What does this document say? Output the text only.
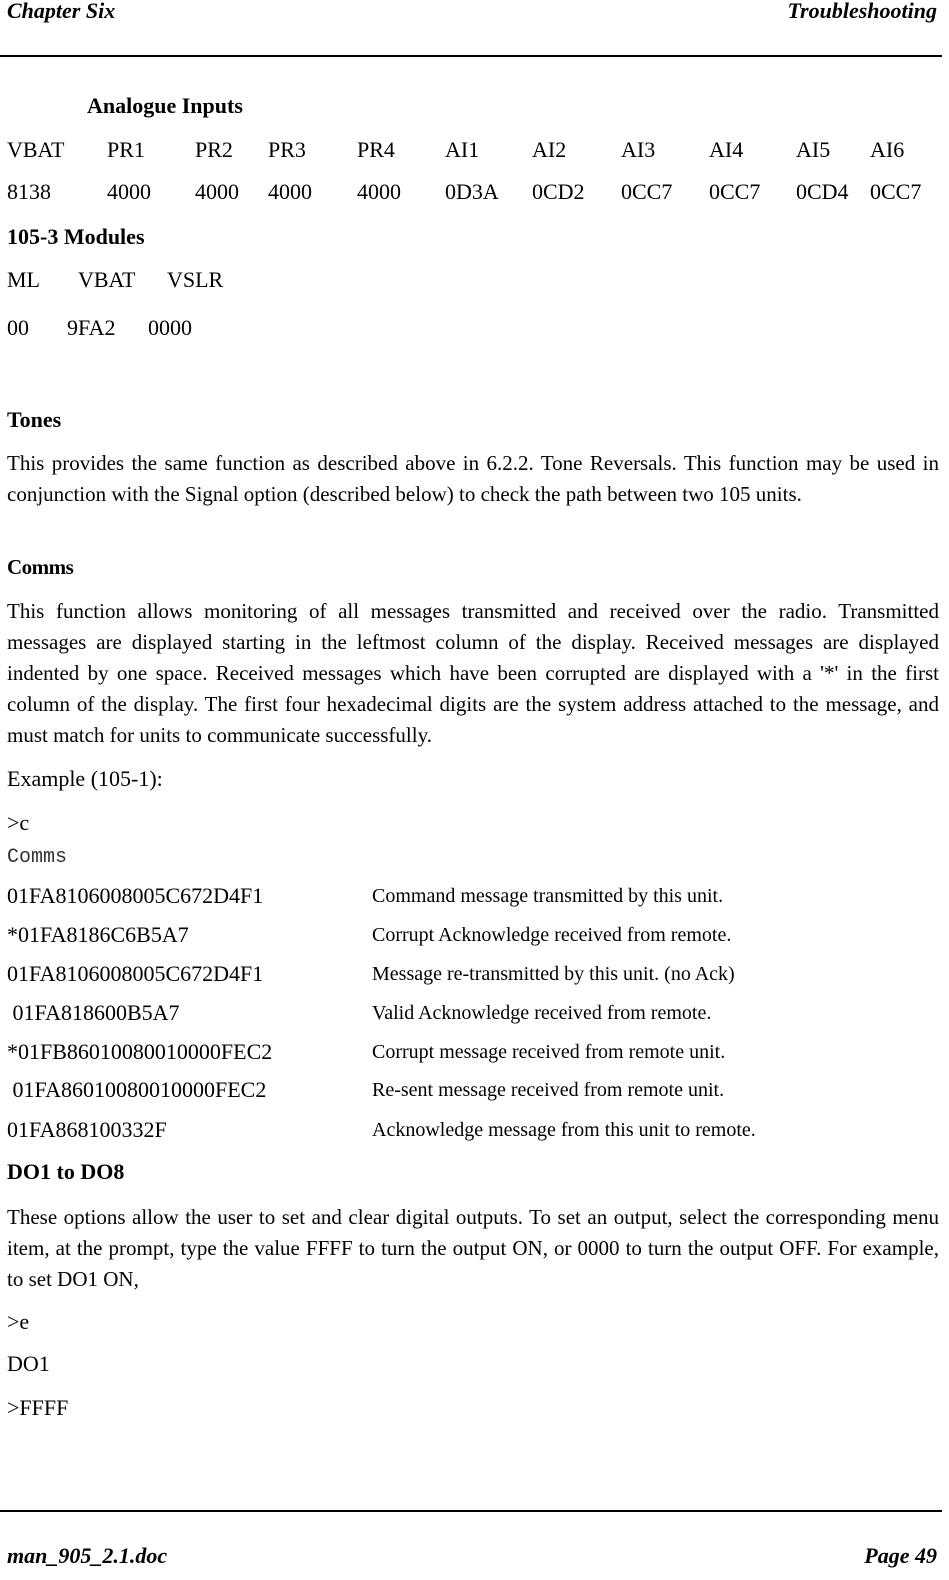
Chapter Six	Troubleshooting
Analogue Inputs
VBAT PR1 PR2 PR3 PR4 AI1 AI2 AI3 AI4 AI5 AI6
8138	4000 4000 4000 4000 0D3A 0CD2 0CC7 0CC7 0CD4 0CC7
105-3 Modules
ML VBAT VSLR
00 9FA2 0000
Tones
This provides the same function as described above in 6.2.2. Tone Reversals. This function may be used in conjunction with the Signal option (described below) to check the path between two 105 units.
Comms
This function allows monitoring of all messages transmitted and received over the radio. Transmitted messages are displayed starting in the leftmost column of the display. Received messages are displayed indented by one space. Received messages which have been corrupted are displayed with a '*' in the first column of the display. The first four hexadecimal digits are the system address attached to the message, and must match for units to communicate successfully.
Example (105-1):
>c
Comms
01FA8106008005C672D4F1	Command message transmitted by this unit.
*01FA8186C6B5A7	Corrupt Acknowledge received from remote.
01FA8106008005C672D4F1	Message re-transmitted by this unit. (no Ack)
01FA818600B5A7	Valid Acknowledge received from remote.
*01FB86010080010000FEC2	Corrupt message received from remote unit.
01FA86010080010000FEC2	Re-sent message received from remote unit.
01FA868100332F	Acknowledge message from this unit to remote.
DO1 to DO8
These options allow the user to set and clear digital outputs. To set an output, select the corresponding menu item, at the prompt, type the value FFFF to turn the output ON, or 0000 to turn the output OFF. For example, to set DO1 ON,
>e
DO1
>FFFF
man_905_2.1.doc	Page 49
